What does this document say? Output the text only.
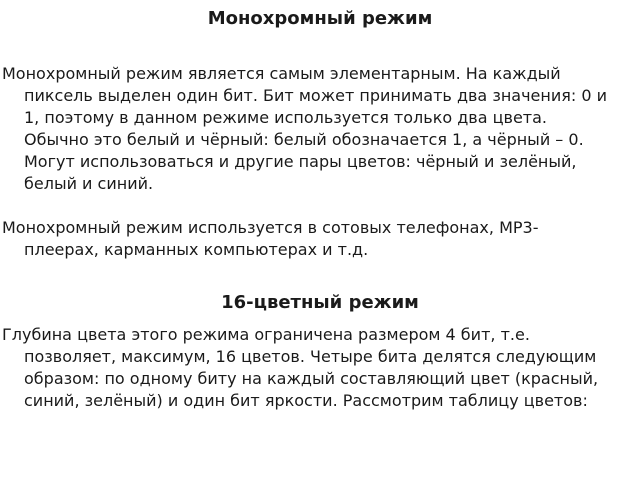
Монохромный режим

Монохромный режим является самым элементарным. На каждый пиксель выделен один бит. Бит может принимать два значения: 0 и 1, поэтому в данном режиме используется только два цвета. Обычно это белый и чёрный: белый обозначается 1, а чёрный – 0. Могут использоваться и другие пары цветов: чёрный и зелёный, белый и синий.

Монохромный режим используется в сотовых телефонах, MP3-плеерах, карманных компьютерах и т.д.

16-цветный режим

Глубина цвета этого режима ограничена размером 4 бит, т.е. позволяет, максимум, 16 цветов. Четыре бита делятся следующим образом: по одному биту на каждый составляющий цвет (красный, синий, зелёный) и один бит яркости. Рассмотрим таблицу цветов:
